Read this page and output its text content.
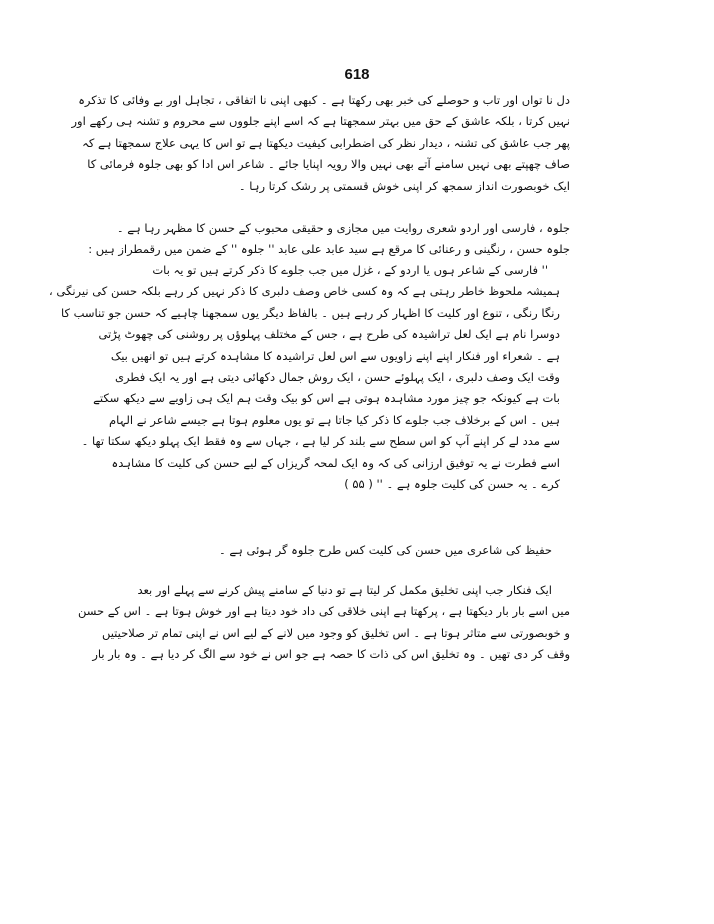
618
دل نا تواں اور تاب و حوصلے کی خبر بھی رکھتا ہے ۔ کبھی اپنی نا اتفاقی ، تجاہل اور بے وفائی کا تذکرہ
نہیں کرتا ، بلکہ عاشق کے حق میں بہتر سمجھتا ہے کہ اسے اپنے جلووں سے محروم و تشنہ ہی رکھے اور
پھر جب عاشق کی تشنہ ، دیدار نظر کی اضطرابی کیفیت دیکھتا ہے تو اس کا یہی علاج سمجھتا ہے کہ
صاف چھپتے بھی نہیں سامنے آتے بھی نہیں والا رویہ اپنایا جائے ۔ شاعر اس ادا کو بھی جلوہ فرمائی کا
ایک خوبصورت انداز سمجھ کر اپنی خوش قسمتی پر رشک کرتا رہا ۔
جلوہ ، فارسی اور اردو شعری روایت میں مجازی و حقیقی محبوب کے حسن کا مظہر رہا ہے ۔
جلوہ حسن ، رنگینی و رعنائی کا مرقع ہے سید عابد علی عابد '' جلوہ '' کے ضمن میں رقمطراز ہیں :
'' فارسی کے شاعر ہوں یا اردو کے ، غزل میں جب جلوے کا ذکر کرتے ہیں تو یہ بات
ہمیشہ ملحوظ خاطر رہتی ہے کہ وہ کسی خاص وصف دلبری کا ذکر نہیں کر رہے بلکہ حسن کی نیرنگی ،
رنگا رنگی ، تنوع اور کلیت کا اظہار کر رہے ہیں ۔ بالفاظ دیگر یوں سمجھنا چاہیے کہ حسن جو تناسب کا
دوسرا نام ہے ایک لعل تراشیدہ کی طرح ہے ، جس کے مختلف پہلوؤں پر روشنی کی چھوٹ پڑتی
ہے ۔ شعراء اور فنکار اپنے اپنے زاویوں سے اس لعل تراشیدہ کا مشاہدہ کرتے ہیں تو انھیں بیک
وقت ایک وصف دلبری ، ایک پہلوئے حسن ، ایک روش جمال دکھائی دیتی ہے اور یہ ایک فطری
بات ہے کیونکہ جو چیز مورد مشاہدہ ہوتی ہے اس کو بیک وقت ہم ایک ہی زاویے سے دیکھ سکتے
ہیں ۔ اس کے برخلاف جب جلوے کا ذکر کیا جاتا ہے تو یوں معلوم ہوتا ہے جیسے شاعر نے الہام
سے مدد لے کر اپنے آپ کو اس سطح سے بلند کر لیا ہے ، جہاں سے وہ فقط ایک پہلو دیکھ سکتا تھا ۔
اسے فطرت نے یہ توفیق ارزانی کی کہ وہ ایک لمحہ گریزاں کے لیے حسن کی کلیت کا مشاہدہ
کرے ۔ یہ حسن کی کلیت جلوہ ہے ۔ '' ( ۵۵ )
حفیظ کی شاعری میں حسن کی کلیت کس طرح جلوہ گر ہوئی ہے ۔
ایک فنکار جب اپنی تخلیق مکمل کر لیتا ہے تو دنیا کے سامنے پیش کرنے سے پہلے اور بعد
میں اسے بار بار دیکھتا ہے ، پرکھتا ہے اپنی خلاقی کی داد خود دیتا ہے اور خوش ہوتا ہے ۔ اس کے حسن
و خوبصورتی سے متاثر ہوتا ہے ۔ اس تخلیق کو وجود میں لانے کے لیے اس نے اپنی تمام تر صلاحیتیں
وقف کر دی تھیں ۔ وہ تخلیق اس کی ذات کا حصہ ہے جو اس نے خود سے الگ کر دیا ہے ۔ وہ بار بار
